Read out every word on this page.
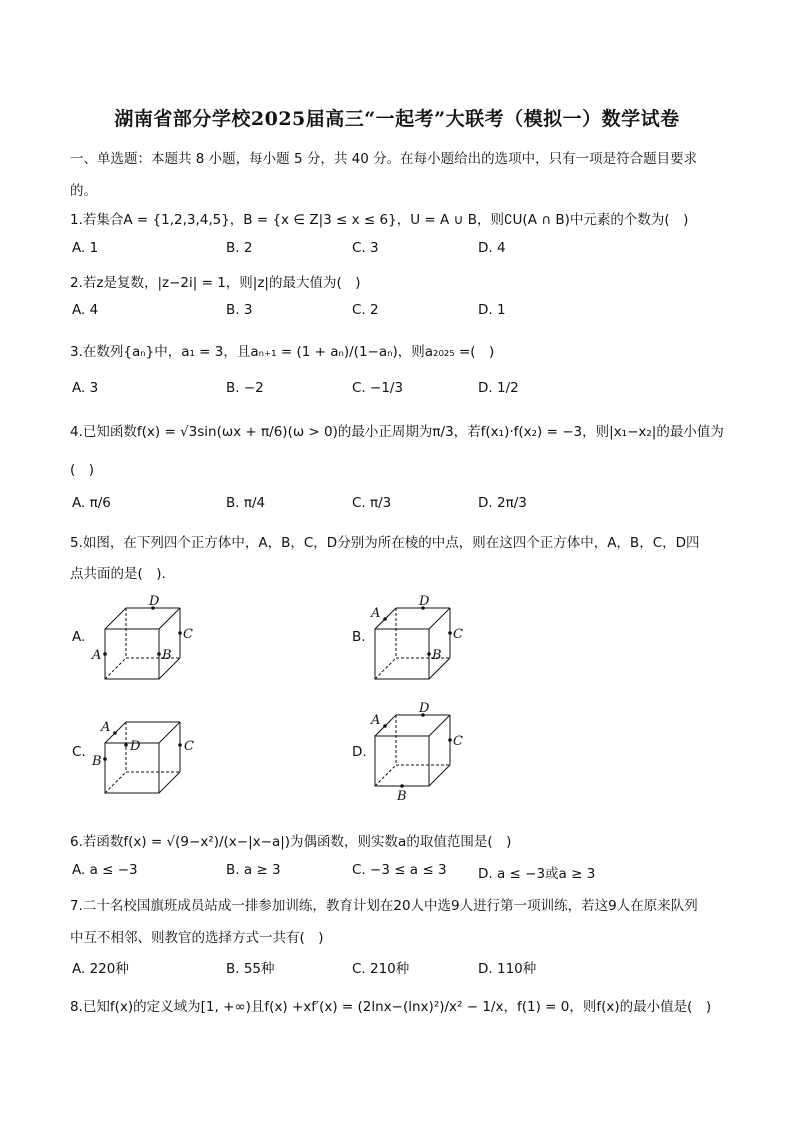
湖南省部分学校2025届高三“一起考”大联考（模拟一）数学试卷
一、单选题：本题共 8 小题，每小题 5 分，共 40 分。在每小题给出的选项中，只有一项是符合题目要求
的。
1.若集合A = {1,2,3,4,5}，B = {x ∈ Z|3 ≤ x ≤ 6}，U = A ∪ B，则∁U(A ∩ B)中元素的个数为(　)
A. 1	B. 2	C. 3	D. 4
2.若z是复数，|z−2i| = 1，则|z|的最大值为(　)
A. 4	B. 3	C. 2	D. 1
3.在数列{aₙ}中，a₁ = 3，且aₙ₊₁ = (1 + aₙ)/(1−aₙ)，则a₂₀₂₅ =(　)
A. 3	B. −2	C. −1/3	D. 1/2
4.已知函数f(x) = √3sin(ωx + π/6)(ω > 0)的最小正周期为π/3，若f(x₁)·f(x₂) = −3，则|x₁−x₂|的最小值为
(　)
A. π/6	B. π/4	C. π/3	D. 2π/3
5.如图，在下列四个正方体中，A，B，C，D分别为所在棱的中点，则在这四个正方体中，A，B，C，D四
点共面的是(　).
A.
D
C
A	B
B.
D
C
A
B
C.
A
B
C
D	D.
A
D
C
B
6.若函数f(x) = √(9−x²)/(x−|x−a|)为偶函数，则实数a的取值范围是(　)
A. a ≤ −3	B. a ≥ 3	C. −3 ≤ a ≤ 3 D. a ≤ −3或a ≥ 3
7.二十名校国旗班成员站成一排参加训练，教育计划在20人中选9人进行第一项训练，若这9人在原来队列
中互不相邻、则教官的选择方式一共有(　)
A. 220种	B. 55种	C. 210种	D. 110种
8.已知f(x)的定义域为[1, +∞)且f(x) +xf′(x) = (2lnx−(lnx)²)/x² − 1/x，f(1) = 0，则f(x)的最小值是(　)
